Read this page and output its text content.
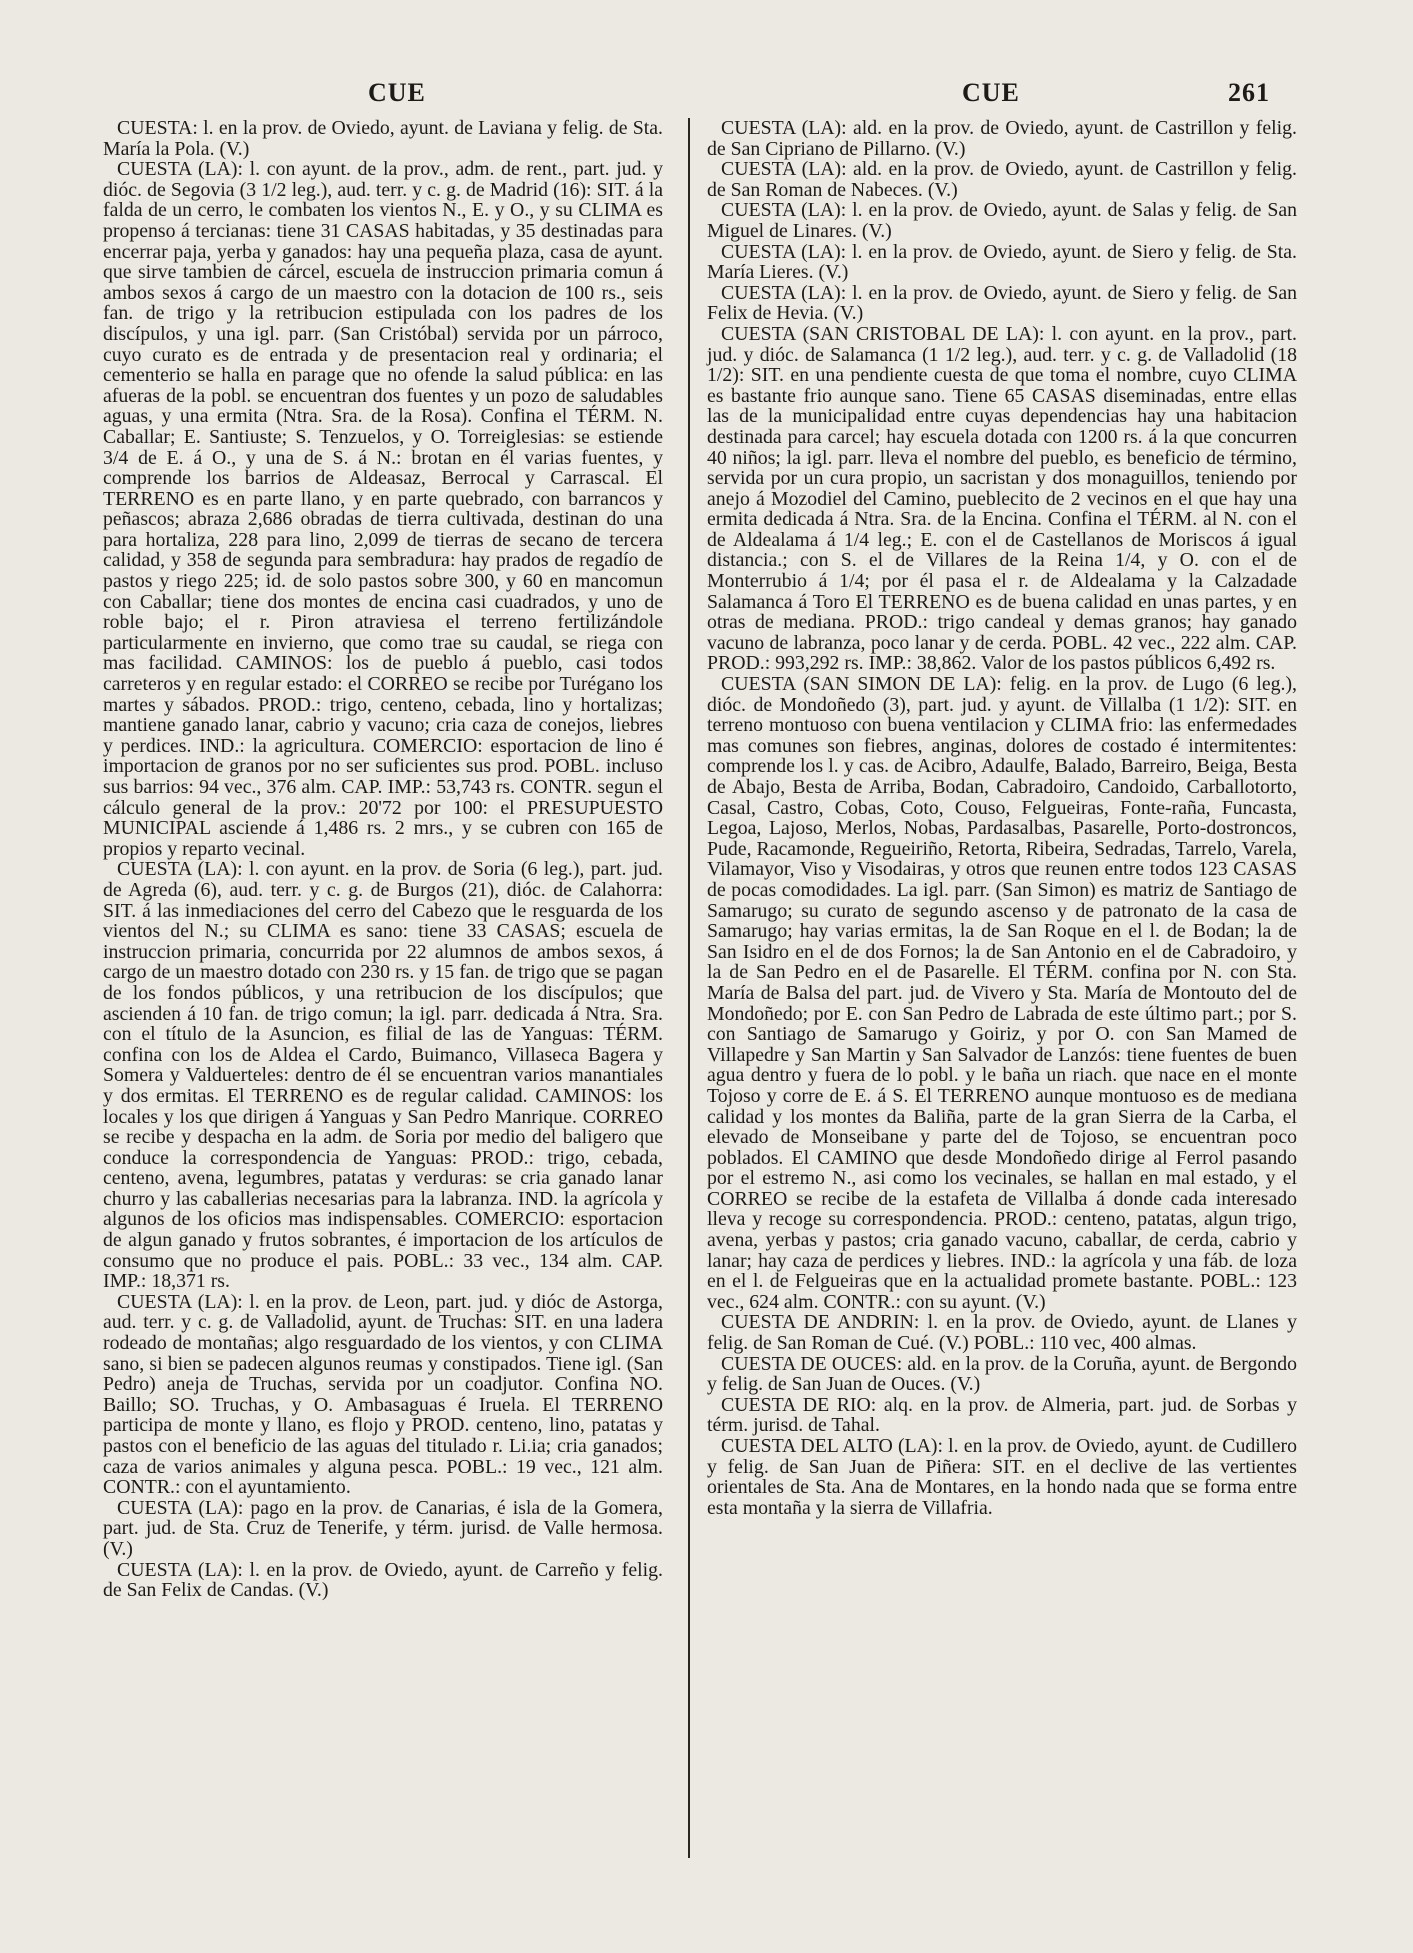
CUE	CUE	261

CUESTA: l. en la prov. de Oviedo, ayunt. de Laviana y felig. de Sta. María la Pola. (V.)

CUESTA (LA): l. con ayunt. de la prov., adm. de rent., part. jud. y dióc. de Segovia (3 1/2 leg.), aud. terr. y c. g. de Madrid (16): SIT. á la falda de un cerro, le combaten los vientos N., E. y O., y su CLIMA es propenso á tercianas: tiene 31 CASAS habitadas, y 35 destinadas para encerrar paja, yerba y ganados: hay una pequeña plaza, casa de ayunt. que sirve tambien de cárcel, escuela de instruccion primaria comun á ambos sexos á cargo de un maestro con la dotacion de 100 rs., seis fan. de trigo y la retribucion estipulada con los padres de los discípulos, y una igl. parr. (San Cristóbal) servida por un párroco, cuyo curato es de entrada y de presentacion real y ordinaria; el cementerio se halla en parage que no ofende la salud pública: en las afueras de la pobl. se encuentran dos fuentes y un pozo de saludables aguas, y una ermita (Ntra. Sra. de la Rosa). Confina el TÉRM. N. Caballar; E. Santiuste; S. Tenzuelos, y O. Torreiglesias: se estiende 3/4 de E. á O., y una de S. á N.: brotan en él varias fuentes, y comprende los barrios de Aldeasaz, Berrocal y Carrascal. El TERRENO es en parte llano, y en parte quebrado, con barrancos y peñascos; abraza 2,686 obradas de tierra cultivada, destinan do una para hortaliza, 228 para lino, 2,099 de tierras de secano de tercera calidad, y 358 de segunda para sembradura: hay prados de regadío de pastos y riego 225; id. de solo pastos sobre 300, y 60 en mancomun con Caballar; tiene dos montes de encina casi cuadrados, y uno de roble bajo; el r. Piron atraviesa el terreno fertilizándole particularmente en invierno, que como trae su caudal, se riega con mas facilidad. CAMINOS: los de pueblo á pueblo, casi todos carreteros y en regular estado: el CORREO se recibe por Turégano los martes y sábados. PROD.: trigo, centeno, cebada, lino y hortalizas; mantiene ganado lanar, cabrio y vacuno; cria caza de conejos, liebres y perdices. IND.: la agricultura. COMERCIO: esportacion de lino é importacion de granos por no ser suficientes sus prod. POBL. incluso sus barrios: 94 vec., 376 alm. CAP. IMP.: 53,743 rs. CONTR. segun el cálculo general de la prov.: 20'72 por 100: el PRESUPUESTO MUNICIPAL asciende á 1,486 rs. 2 mrs., y se cubren con 165 de propios y reparto vecinal.

CUESTA (LA): l. con ayunt. en la prov. de Soria (6 leg.), part. jud. de Agreda (6), aud. terr. y c. g. de Burgos (21), dióc. de Calahorra: SIT. á las inmediaciones del cerro del Cabezo que le resguarda de los vientos del N.; su CLIMA es sano: tiene 33 CASAS; escuela de instruccion primaria, concurrida por 22 alumnos de ambos sexos, á cargo de un maestro dotado con 230 rs. y 15 fan. de trigo que se pagan de los fondos públicos, y una retribucion de los discípulos; que ascienden á 10 fan. de trigo comun; la igl. parr. dedicada á Ntra. Sra. con el título de la Asuncion, es filial de las de Yanguas: TÉRM. confina con los de Aldea el Cardo, Buimanco, Villaseca Bagera y Somera y Valduerteles: dentro de él se encuentran varios manantiales y dos ermitas. El TERRENO es de regular calidad. CAMINOS: los locales y los que dirigen á Yanguas y San Pedro Manrique. CORREO se recibe y despacha en la adm. de Soria por medio del baligero que conduce la correspondencia de Yanguas: PROD.: trigo, cebada, centeno, avena, legumbres, patatas y verduras: se cria ganado lanar churro y las caballerias necesarias para la labranza. IND. la agrícola y algunos de los oficios mas indispensables. COMERCIO: esportacion de algun ganado y frutos sobrantes, é importacion de los artículos de consumo que no produce el pais. POBL.: 33 vec., 134 alm. CAP. IMP.: 18,371 rs.

CUESTA (LA): l. en la prov. de Leon, part. jud. y dióc de Astorga, aud. terr. y c. g. de Valladolid, ayunt. de Truchas: SIT. en una ladera rodeado de montañas; algo resguardado de los vientos, y con CLIMA sano, si bien se padecen algunos reumas y constipados. Tiene igl. (San Pedro) aneja de Truchas, servida por un coadjutor. Confina NO. Baillo; SO. Truchas, y O. Ambasaguas é Iruela. El TERRENO participa de monte y llano, es flojo y PROD. centeno, lino, patatas y pastos con el beneficio de las aguas del titulado r. Li.ia; cria ganados; caza de varios animales y alguna pesca. POBL.: 19 vec., 121 alm. CONTR.: con el ayuntamiento.

CUESTA (LA): pago en la prov. de Canarias, é isla de la Gomera, part. jud. de Sta. Cruz de Tenerife, y térm. jurisd. de Valle hermosa. (V.)

CUESTA (LA): l. en la prov. de Oviedo, ayunt. de Carreño y felig. de San Felix de Candas. (V.)

CUESTA (LA): ald. en la prov. de Oviedo, ayunt. de Castrillon y felig. de San Cipriano de Pillarno. (V.)

CUESTA (LA): ald. en la prov. de Oviedo, ayunt. de Castrillon y felig. de San Roman de Nabeces. (V.)

CUESTA (LA): l. en la prov. de Oviedo, ayunt. de Salas y felig. de San Miguel de Linares. (V.)

CUESTA (LA): l. en la prov. de Oviedo, ayunt. de Siero y felig. de Sta. María Lieres. (V.)

CUESTA (LA): l. en la prov. de Oviedo, ayunt. de Siero y felig. de San Felix de Hevia. (V.)

CUESTA (SAN CRISTOBAL DE LA): l. con ayunt. en la prov., part. jud. y dióc. de Salamanca (1 1/2 leg.), aud. terr. y c. g. de Valladolid (18 1/2): SIT. en una pendiente cuesta de que toma el nombre, cuyo CLIMA es bastante frio aunque sano. Tiene 65 CASAS diseminadas, entre ellas las de la municipalidad entre cuyas dependencias hay una habitacion destinada para carcel; hay escuela dotada con 1200 rs. á la que concurren 40 niños; la igl. parr. lleva el nombre del pueblo, es beneficio de término, servida por un cura propio, un sacristan y dos monaguillos, teniendo por anejo á Mozodiel del Camino, pueblecito de 2 vecinos en el que hay una ermita dedicada á Ntra. Sra. de la Encina. Confina el TÉRM. al N. con el de Aldealama á 1/4 leg.; E. con el de Castellanos de Moriscos á igual distancia.; con S. el de Villares de la Reina 1/4, y O. con el de Monterrubio á 1/4; por él pasa el r. de Aldealama y la Calzadade Salamanca á Toro El TERRENO es de buena calidad en unas partes, y en otras de mediana. PROD.: trigo candeal y demas granos; hay ganado vacuno de labranza, poco lanar y de cerda. POBL. 42 vec., 222 alm. CAP. PROD.: 993,292 rs. IMP.: 38,862. Valor de los pastos públicos 6,492 rs.

CUESTA (SAN SIMON DE LA): felig. en la prov. de Lugo (6 leg.), dióc. de Mondoñedo (3), part. jud. y ayunt. de Villalba (1 1/2): SIT. en terreno montuoso con buena ventilacion y CLIMA frio: las enfermedades mas comunes son fiebres, anginas, dolores de costado é intermitentes: comprende los l. y cas. de Acibro, Adaulfe, Balado, Barreiro, Beiga, Besta de Abajo, Besta de Arriba, Bodan, Cabradoiro, Candoido, Carballotorto, Casal, Castro, Cobas, Coto, Couso, Felgueiras, Fonte-raña, Funcasta, Legoa, Lajoso, Merlos, Nobas, Pardasalbas, Pasarelle, Porto-dostroncos, Pude, Racamonde, Regueiriño, Retorta, Ribeira, Sedradas, Tarrelo, Varela, Vilamayor, Viso y Visodairas, y otros que reunen entre todos 123 CASAS de pocas comodidades. La igl. parr. (San Simon) es matriz de Santiago de Samarugo; su curato de segundo ascenso y de patronato de la casa de Samarugo; hay varias ermitas, la de San Roque en el l. de Bodan; la de San Isidro en el de dos Fornos; la de San Antonio en el de Cabradoiro, y la de San Pedro en el de Pasarelle. El TÉRM. confina por N. con Sta. María de Balsa del part. jud. de Vivero y Sta. María de Montouto del de Mondoñedo; por E. con San Pedro de Labrada de este último part.; por S. con Santiago de Samarugo y Goiriz, y por O. con San Mamed de Villapedre y San Martin y San Salvador de Lanzós: tiene fuentes de buen agua dentro y fuera de lo pobl. y le baña un riach. que nace en el monte Tojoso y corre de E. á S. El TERRENO aunque montuoso es de mediana calidad y los montes da Baliña, parte de la gran Sierra de la Carba, el elevado de Monseibane y parte del de Tojoso, se encuentran poco poblados. El CAMINO que desde Mondoñedo dirige al Ferrol pasando por el estremo N., asi como los vecinales, se hallan en mal estado, y el CORREO se recibe de la estafeta de Villalba á donde cada interesado lleva y recoge su correspondencia. PROD.: centeno, patatas, algun trigo, avena, yerbas y pastos; cria ganado vacuno, caballar, de cerda, cabrio y lanar; hay caza de perdices y liebres. IND.: la agrícola y una fáb. de loza en el l. de Felgueiras que en la actualidad promete bastante. POBL.: 123 vec., 624 alm. CONTR.: con su ayunt. (V.)

CUESTA DE ANDRIN: l. en la prov. de Oviedo, ayunt. de Llanes y felig. de San Roman de Cué. (V.) POBL.: 110 vec, 400 almas.

CUESTA DE OUCES: ald. en la prov. de la Coruña, ayunt. de Bergondo y felig. de San Juan de Ouces. (V.)

CUESTA DE RIO: alq. en la prov. de Almeria, part. jud. de Sorbas y térm. jurisd. de Tahal.

CUESTA DEL ALTO (LA): l. en la prov. de Oviedo, ayunt. de Cudillero y felig. de San Juan de Piñera: SIT. en el declive de las vertientes orientales de Sta. Ana de Montares, en la hondo nada que se forma entre esta montaña y la sierra de Villafria.
